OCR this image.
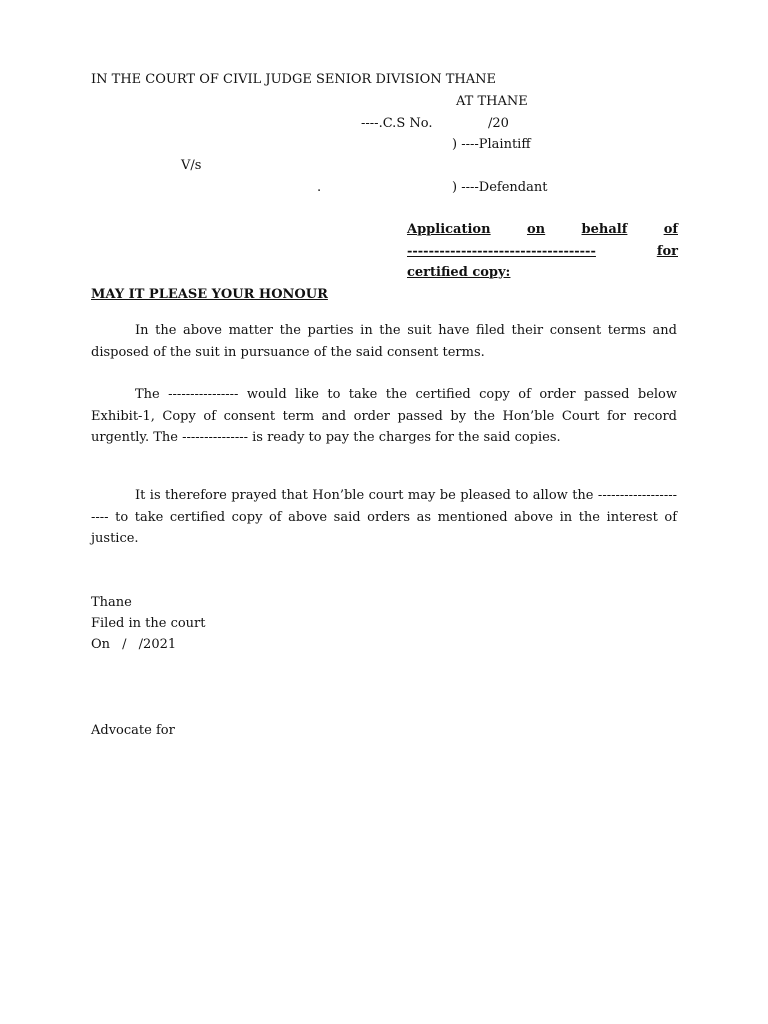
IN THE COURT OF CIVIL JUDGE SENIOR DIVISION THANE
AT THANE
----.C.S No.	/20
) ----Plaintiff
V/s
.	) ----Defendant
Application	on	behalf	of
-----------------------------------	for
certified copy:
MAY IT PLEASE YOUR HONOUR

In the above matter the parties in the suit have filed their consent terms and disposed of the suit in pursuance of the said consent terms.

The ---------------- would like to take the certified copy of order passed below Exhibit-1, Copy of consent term and order passed by the Hon’ble Court for record urgently. The --------------- is ready to pay the charges for the said copies.

It is therefore prayed that Hon’ble court may be pleased to allow the ---------------------- to take certified copy of above said orders as mentioned above in the interest of justice.

Thane
Filed in the court
On / /2021
Advocate for
